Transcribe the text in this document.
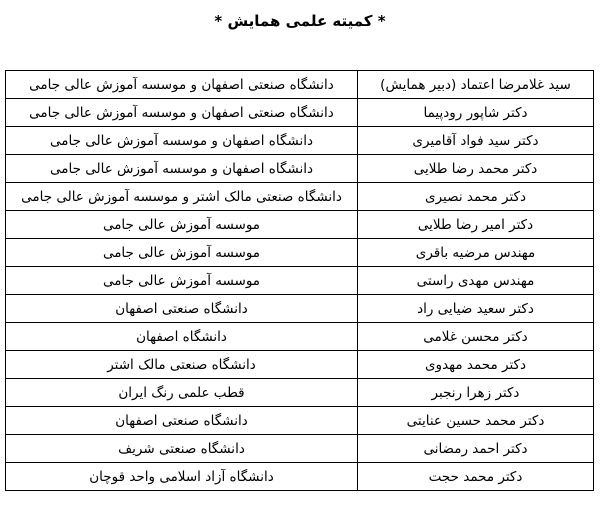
* کمیته علمی همایش *
سید غلامرضا اعتماد (دبیر همایش)	دانشگاه صنعتی اصفهان و موسسه آموزش عالی جامی
دکتر شاپور رودپیما	دانشگاه صنعتی اصفهان و موسسه آموزش عالی جامی
دکتر سید فواد آقامیری	دانشگاه اصفهان و موسسه آموزش عالی جامی
دکتر محمد رضا طلایی	دانشگاه اصفهان و موسسه آموزش عالی جامی
دکتر محمد نصیری	دانشگاه صنعتی مالک اشتر و موسسه آموزش عالی جامی
دکتر امیر رضا طلایی	موسسه آموزش عالی جامی
مهندس مرضیه باقری	موسسه آموزش عالی جامی
مهندس مهدی راستی	موسسه آموزش عالی جامی
دکتر سعید ضیایی راد	دانشگاه صنعتی اصفهان
دکتر محسن غلامی	دانشگاه اصفهان
دکتر محمد مهدوی	دانشگاه صنعتی مالک اشتر
دکتر زهرا رنجبر	قطب علمی رنگ ایران
دکتر محمد حسین عنایتی	دانشگاه صنعتی اصفهان
دکتر احمد رمضانی	دانشگاه صنعتی شریف
دکتر محمد حجت	دانشگاه آزاد اسلامی واحد قوچان
